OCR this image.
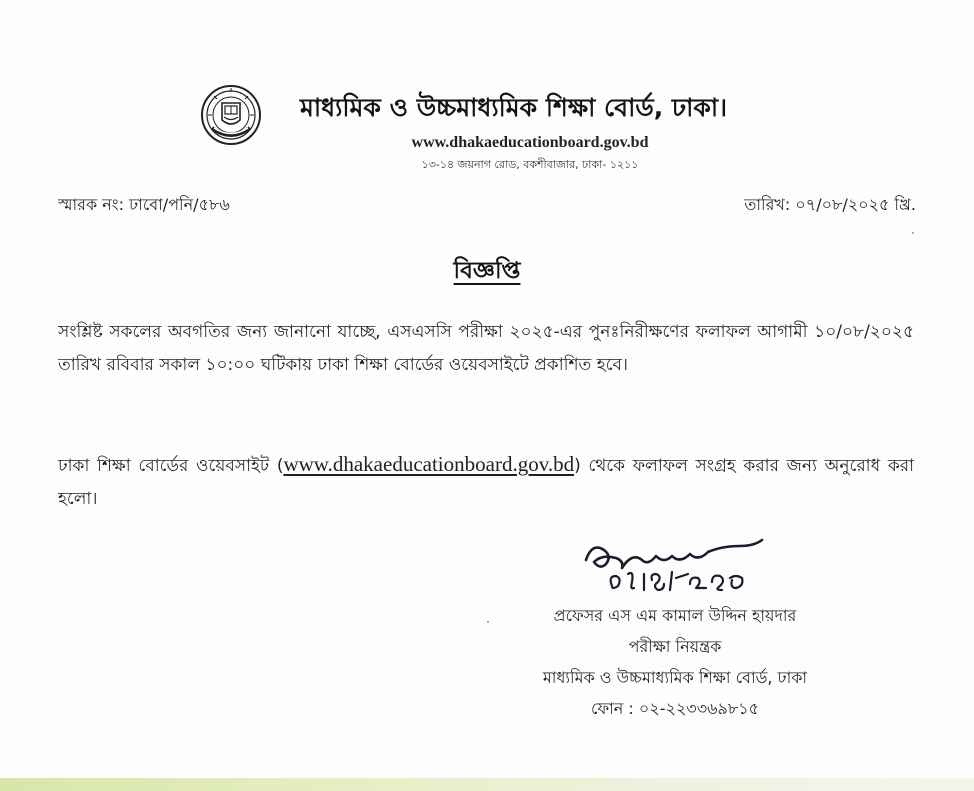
মাধ্যমিক ও উচ্চমাধ্যমিক শিক্ষা বোর্ড, ঢাকা।
www.dhakaeducationboard.gov.bd
১৩-১৪ জয়নাগ রোড, বকশীবাজার, ঢাকা- ১২১১
স্মারক নং: ঢাবো/পনি/৫৮৬	তারিখ: ০৭/০৮/২০২৫ খ্রি.
বিজ্ঞপ্তি
সংশ্লিষ্ট সকলের অবগতির জন্য জানানো যাচ্ছে, এসএসসি পরীক্ষা ২০২৫-এর পুনঃনিরীক্ষণের ফলাফল আগামী ১০/০৮/২০২৫ তারিখ রবিবার সকাল ১০:০০ ঘটিকায় ঢাকা শিক্ষা বোর্ডের ওয়েবসাইটে প্রকাশিত হবে।
ঢাকা শিক্ষা বোর্ডের ওয়েবসাইট (www.dhakaeducationboard.gov.bd) থেকে ফলাফল সংগ্রহ করার জন্য অনুরোধ করা হলো।
প্রফেসর এস এম কামাল উদ্দিন হায়দার
পরীক্ষা নিয়ন্ত্রক
মাধ্যমিক ও উচ্চমাধ্যমিক শিক্ষা বোর্ড, ঢাকা
ফোন : ০২-২২৩৩৬৯৮১৫
